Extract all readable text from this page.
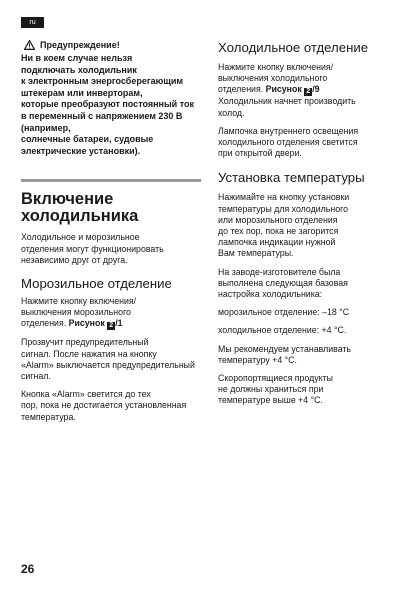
ru
Предупреждение!
Ни в коем случае нельзя
подключать холодильник
к электронным энергосберегающим штекерам или инверторам,
которые преобразуют постоянный ток в переменный с напряжением 230 В (например,
солнечные батареи, судовые
электрические установки).
Включение
холодильника

Холодильное и морозильное
отделения могут функционировать
независимо друг от друга.

Морозильное отделение

Нажмите кнопку включения/
выключения морозильного
отделения. Рисунок 2 /1

Прозвучит предупредительный
сигнал. После нажатия на кнопку
«Alarm» выключается предупредительный сигнал.

Кнопка «Alarm» светится до тех
пор, пока не достигается установленная температура.

Холодильное отделение

Нажмите кнопку включения/
выключения холодильного
отделения. Рисунок 2 /9
Холодильник начнет производить
холод.

Лампочка внутреннего освещения
холодильного отделения светится
при открытой двери.

Установка температуры

Нажимайте на кнопку установки
температуры для холодильного
или морозильного отделения
до тех пор, пока не загорится
лампочка индикации нужной
Вам температуры.

На заводе-изготовителе была
выполнена следующая базовая
настройка холодильника:

морозильное отделение: –18 °C

холодильное отделение: +4 °C.

Мы рекомендуем устанавливать
температуру +4 °C.

Скоропортящиеся продукты
не должны храниться при
температуре выше +4 °C.

26
